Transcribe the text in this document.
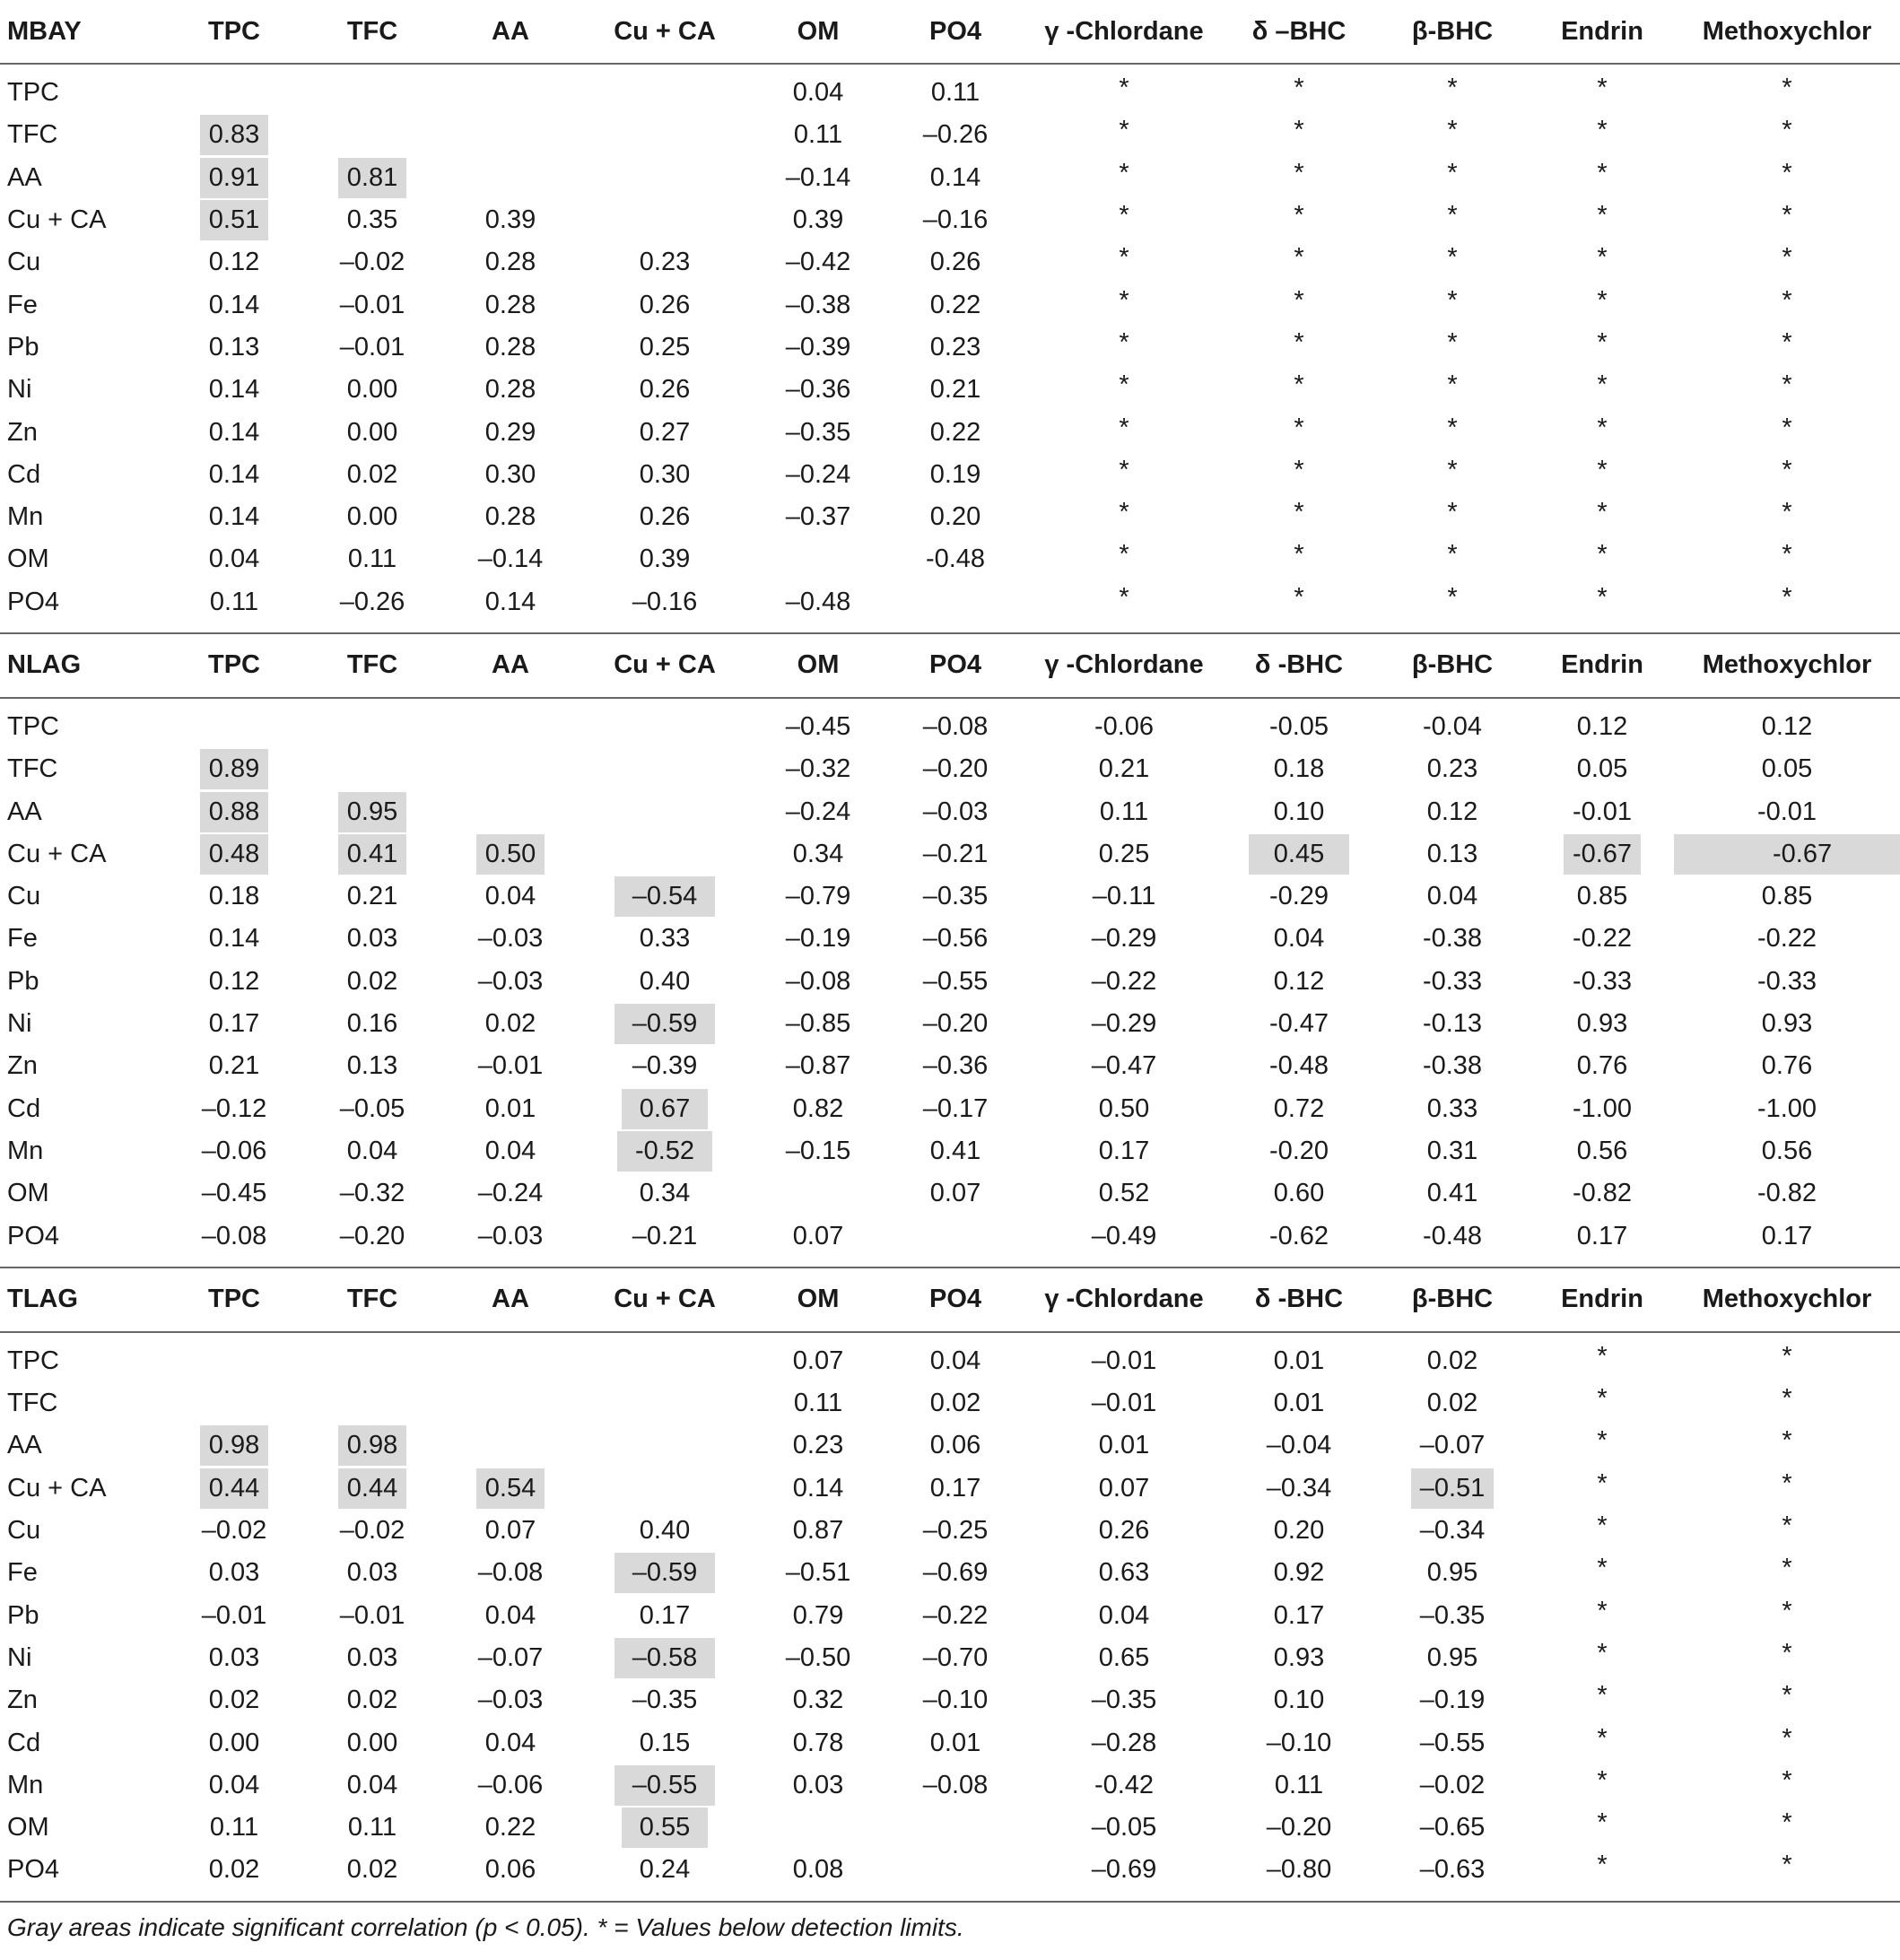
MBAY	TPC	TFC	AA	Cu + CA	OM	PO4	γ -Chlordane	δ –BHC	β-BHC	Endrin	Methoxychlor

TPC					0.04	0.11	*	*	*	*	*
TFC	0.83				0.11	–0.26	*	*	*	*	*
AA	0.91	0.81			–0.14	0.14	*	*	*	*	*
Cu + CA	0.51	0.35	0.39		0.39	–0.16	*	*	*	*	*
Cu	0.12	–0.02	0.28	0.23	–0.42	0.26	*	*	*	*	*
Fe	0.14	–0.01	0.28	0.26	–0.38	0.22	*	*	*	*	*
Pb	0.13	–0.01	0.28	0.25	–0.39	0.23	*	*	*	*	*
Ni	0.14	0.00	0.28	0.26	–0.36	0.21	*	*	*	*	*
Zn	0.14	0.00	0.29	0.27	–0.35	0.22	*	*	*	*	*
Cd	0.14	0.02	0.30	0.30	–0.24	0.19	*	*	*	*	*
Mn	0.14	0.00	0.28	0.26	–0.37	0.20	*	*	*	*	*
OM	0.04	0.11	–0.14	0.39		-0.48	*	*	*	*	*
PO4	0.11	–0.26	0.14	–0.16	–0.48		*	*	*	*	*
NLAG	TPC	TFC	AA	Cu + CA	OM	PO4	γ -Chlordane	δ -BHC	β-BHC	Endrin	Methoxychlor

TPC					–0.45	–0.08	-0.06	-0.05	-0.04	0.12	0.12
TFC	0.89				–0.32	–0.20	0.21	0.18	0.23	0.05	0.05
AA	0.88	0.95			–0.24	–0.03	0.11	0.10	0.12	-0.01	-0.01
Cu + CA	0.48	0.41	0.50		0.34	–0.21	0.25	0.45	0.13	-0.67	-0.67
Cu	0.18	0.21	0.04	–0.54	–0.79	–0.35	–0.11	-0.29	0.04	0.85	0.85
Fe	0.14	0.03	–0.03	0.33	–0.19	–0.56	–0.29	0.04	-0.38	-0.22	-0.22
Pb	0.12	0.02	–0.03	0.40	–0.08	–0.55	–0.22	0.12	-0.33	-0.33	-0.33
Ni	0.17	0.16	0.02	–0.59	–0.85	–0.20	–0.29	-0.47	-0.13	0.93	0.93
Zn	0.21	0.13	–0.01	–0.39	–0.87	–0.36	–0.47	-0.48	-0.38	0.76	0.76
Cd	–0.12	–0.05	0.01	0.67	0.82	–0.17	0.50	0.72	0.33	-1.00	-1.00
Mn	–0.06	0.04	0.04	-0.52	–0.15	0.41	0.17	-0.20	0.31	0.56	0.56
OM	–0.45	–0.32	–0.24	0.34		0.07	0.52	0.60	0.41	-0.82	-0.82
PO4	–0.08	–0.20	–0.03	–0.21	0.07		–0.49	-0.62	-0.48	0.17	0.17
TLAG	TPC	TFC	AA	Cu + CA	OM	PO4	γ -Chlordane	δ -BHC	β-BHC	Endrin	Methoxychlor

TPC					0.07	0.04	–0.01	0.01	0.02	*	*
TFC					0.11	0.02	–0.01	0.01	0.02	*	*
AA	0.98	0.98			0.23	0.06	0.01	–0.04	–0.07	*	*
Cu + CA	0.44	0.44	0.54		0.14	0.17	0.07	–0.34	–0.51	*	*
Cu	–0.02	–0.02	0.07	0.40	0.87	–0.25	0.26	0.20	–0.34	*	*
Fe	0.03	0.03	–0.08	–0.59	–0.51	–0.69	0.63	0.92	0.95	*	*
Pb	–0.01	–0.01	0.04	0.17	0.79	–0.22	0.04	0.17	–0.35	*	*
Ni	0.03	0.03	–0.07	–0.58	–0.50	–0.70	0.65	0.93	0.95	*	*
Zn	0.02	0.02	–0.03	–0.35	0.32	–0.10	–0.35	0.10	–0.19	*	*
Cd	0.00	0.00	0.04	0.15	0.78	0.01	–0.28	–0.10	–0.55	*	*
Mn	0.04	0.04	–0.06	–0.55	0.03	–0.08	-0.42	0.11	–0.02	*	*
OM	0.11	0.11	0.22	0.55			–0.05	–0.20	–0.65	*	*
PO4	0.02	0.02	0.06	0.24	0.08		–0.69	–0.80	–0.63	*	*
Gray areas indicate significant correlation (p < 0.05). * = Values below detection limits.											
